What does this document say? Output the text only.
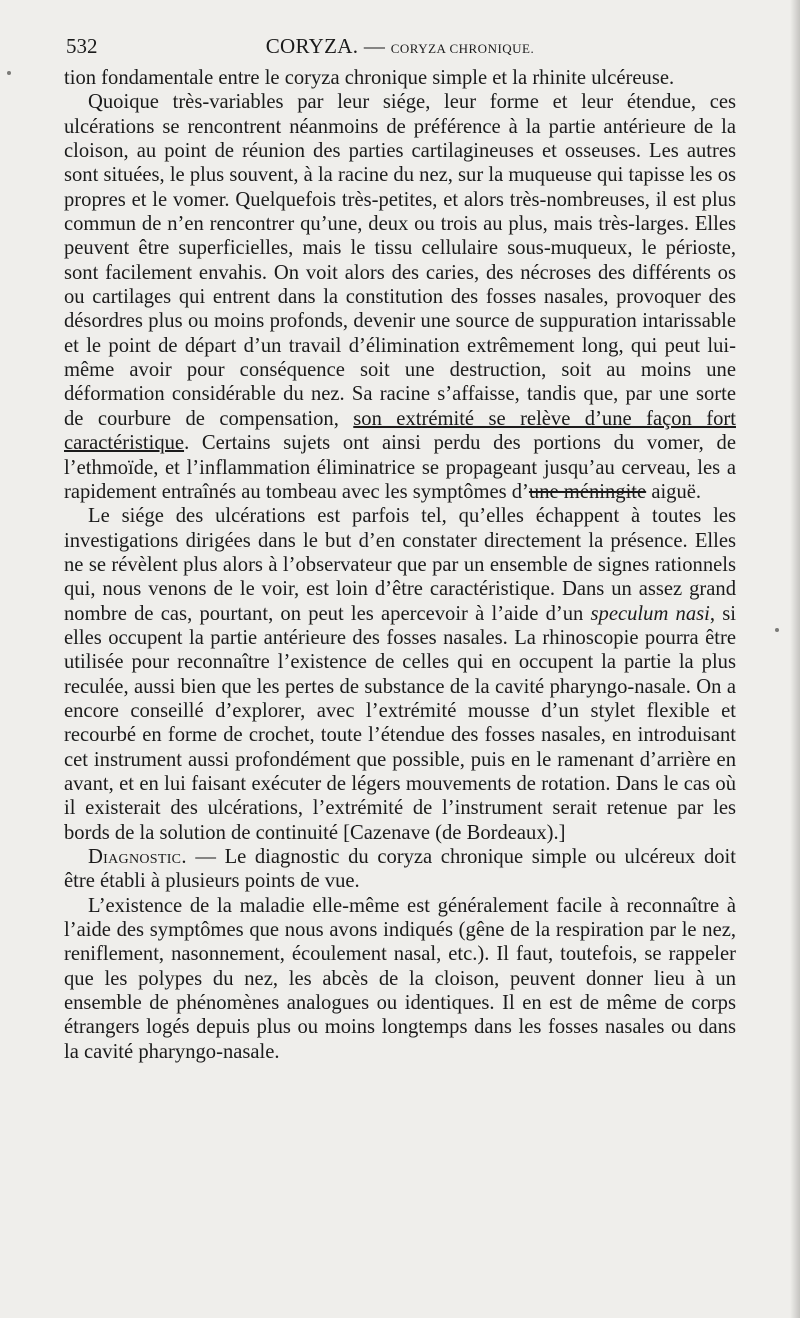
532	CORYZA. — CORYZA CHRONIQUE.

tion fondamentale entre le coryza chronique simple et la rhinite ulcéreuse.

Quoique très-variables par leur siége, leur forme et leur étendue, ces ulcérations se rencontrent néanmoins de préférence à la partie antérieure de la cloison, au point de réunion des parties cartilagineuses et osseuses. Les autres sont situées, le plus souvent, à la racine du nez, sur la muqueuse qui tapisse les os propres et le vomer. Quelquefois très-petites, et alors très-nombreuses, il est plus commun de n’en rencontrer qu’une, deux ou trois au plus, mais très-larges. Elles peuvent être superficielles, mais le tissu cellulaire sous-muqueux, le périoste, sont facilement envahis. On voit alors des caries, des nécroses des différents os ou cartilages qui entrent dans la constitution des fosses nasales, provoquer des désordres plus ou moins profonds, devenir une source de suppuration intarissable et le point de départ d’un travail d’élimination extrêmement long, qui peut lui-même avoir pour conséquence soit une destruction, soit au moins une déformation considérable du nez. Sa racine s’affaisse, tandis que, par une sorte de courbure de compensation, son extrémité se relève d’une façon fort caractéristique. Certains sujets ont ainsi perdu des portions du vomer, de l’ethmoïde, et l’inflammation éliminatrice se propageant jusqu’au cerveau, les a rapidement entraînés au tombeau avec les symptômes d’une méningite aiguë.

Le siége des ulcérations est parfois tel, qu’elles échappent à toutes les investigations dirigées dans le but d’en constater directement la présence. Elles ne se révèlent plus alors à l’observateur que par un ensemble de signes rationnels qui, nous venons de le voir, est loin d’être caractéristique. Dans un assez grand nombre de cas, pourtant, on peut les apercevoir à l’aide d’un speculum nasi, si elles occupent la partie antérieure des fosses nasales. La rhinoscopie pourra être utilisée pour reconnaître l’existence de celles qui en occupent la partie la plus reculée, aussi bien que les pertes de substance de la cavité pharyngo-nasale. On a encore conseillé d’explorer, avec l’extrémité mousse d’un stylet flexible et recourbé en forme de crochet, toute l’étendue des fosses nasales, en introduisant cet instrument aussi profondément que possible, puis en le ramenant d’arrière en avant, et en lui faisant exécuter de légers mouvements de rotation. Dans le cas où il existerait des ulcérations, l’extrémité de l’instrument serait retenue par les bords de la solution de continuité [Cazenave (de Bordeaux).]

Diagnostic. — Le diagnostic du coryza chronique simple ou ulcéreux doit être établi à plusieurs points de vue.

L’existence de la maladie elle-même est généralement facile à reconnaître à l’aide des symptômes que nous avons indiqués (gêne de la respiration par le nez, reniflement, nasonnement, écoulement nasal, etc.). Il faut, toutefois, se rappeler que les polypes du nez, les abcès de la cloison, peuvent donner lieu à un ensemble de phénomènes analogues ou identiques. Il en est de même de corps étrangers logés depuis plus ou moins longtemps dans les fosses nasales ou dans la cavité pharyngo-nasale.
